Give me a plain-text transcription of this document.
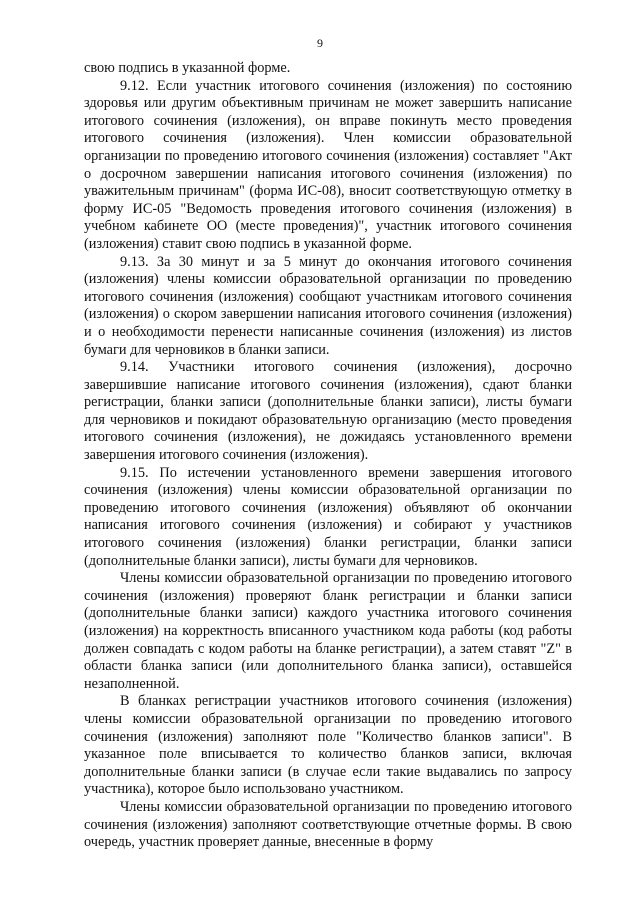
9

свою подпись в указанной форме.

9.12. Если участник итогового сочинения (изложения) по состоянию здоровья или другим объективным причинам не может завершить написание итогового сочинения (изложения), он вправе покинуть место проведения итогового сочинения (изложения). Член комиссии образовательной организации по проведению итогового сочинения (изложения) составляет "Акт о досрочном завершении написания итогового сочинения (изложения) по уважительным причинам" (форма ИС-08), вносит соответствующую отметку в форму ИС-05 "Ведомость проведения итогового сочинения (изложения) в учебном кабинете ОО (месте проведения)", участник итогового сочинения (изложения) ставит свою подпись в указанной форме.

9.13. За 30 минут и за 5 минут до окончания итогового сочинения (изложения) члены комиссии образовательной организации по проведению итогового сочинения (изложения) сообщают участникам итогового сочинения (изложения) о скором завершении написания итогового сочинения (изложения) и о необходимости перенести написанные сочинения (изложения) из листов бумаги для черновиков в бланки записи.

9.14. Участники итогового сочинения (изложения), досрочно завершившие написание итогового сочинения (изложения), сдают бланки регистрации, бланки записи (дополнительные бланки записи), листы бумаги для черновиков и покидают образовательную организацию (место проведения итогового сочинения (изложения), не дожидаясь установленного времени завершения итогового сочинения (изложения).

9.15. По истечении установленного времени завершения итогового сочинения (изложения) члены комиссии образовательной организации по проведению итогового сочинения (изложения) объявляют об окончании написания итогового сочинения (изложения) и собирают у участников итогового сочинения (изложения) бланки регистрации, бланки записи (дополнительные бланки записи), листы бумаги для черновиков.

Члены комиссии образовательной организации по проведению итогового сочинения (изложения) проверяют бланк регистрации и бланки записи (дополнительные бланки записи) каждого участника итогового сочинения (изложения) на корректность вписанного участником кода работы (код работы должен совпадать с кодом работы на бланке регистрации), а затем ставят "Z" в области бланка записи (или дополнительного бланка записи), оставшейся незаполненной.

В бланках регистрации участников итогового сочинения (изложения) члены комиссии образовательной организации по проведению итогового сочинения (изложения) заполняют поле "Количество бланков записи". В указанное поле вписывается то количество бланков записи, включая дополнительные бланки записи (в случае если такие выдавались по запросу участника), которое было использовано участником.

Члены комиссии образовательной организации по проведению итогового сочинения (изложения) заполняют соответствующие отчетные формы. В свою очередь, участник проверяет данные, внесенные в форму
